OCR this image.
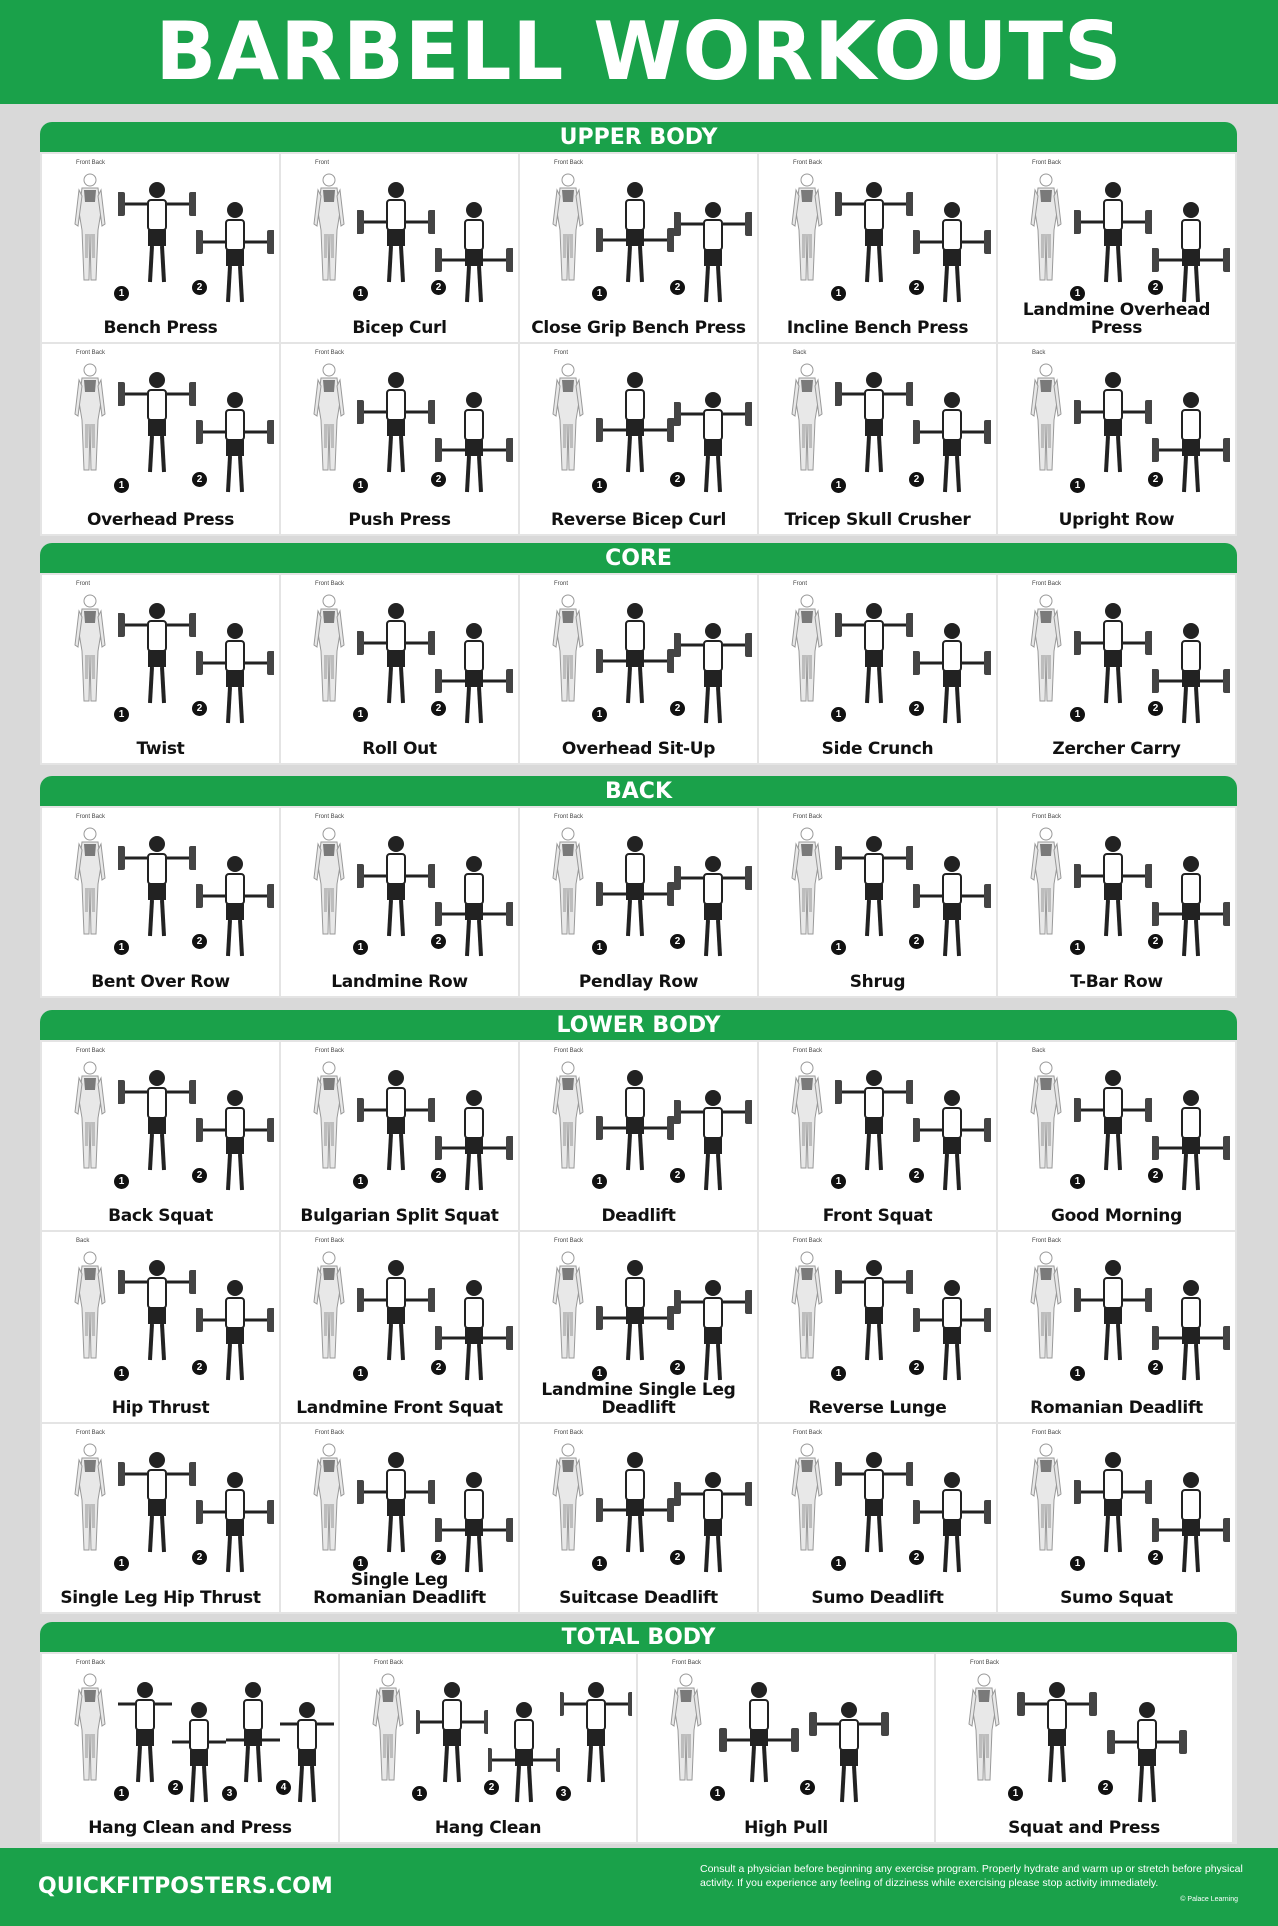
BARBELL WORKOUTS
UPPER BODY
Front Back
1
2
Bench Press
Front
1
2
Bicep Curl
Front Back
1
2
Close Grip Bench Press
Front Back
1
2
Incline Bench Press
Front Back
1
2
Landmine Overhead Press
Front Back
1
2
Overhead Press
Front Back
1
2
Push Press
Front
1
2
Reverse Bicep Curl
Back
1
2
Tricep Skull Crusher
Back
1
2
Upright Row
CORE
Front
1
2
Twist
Front Back
1
2
Roll Out
Front
1
2
Overhead Sit-Up
Front
1
2
Side Crunch
Front Back
1
2
Zercher Carry
BACK
Front Back
1
2
Bent Over Row
Front Back
1
2
Landmine Row
Front Back
1
2
Pendlay Row
Front Back
1
2
Shrug
Front Back
1
2
T-Bar Row
LOWER BODY
Front Back
1
2
Back Squat
Front Back
1
2
Bulgarian Split Squat
Front Back
1
2
Deadlift
Front Back
1
2
Front Squat
Back
1
2
Good Morning
Back
1
2
Hip Thrust
Front Back
1
2
Landmine Front Squat
Front Back
1
2
Landmine Single Leg Deadlift
Front Back
1
2
Reverse Lunge
Front Back
1
2
Romanian Deadlift
Front Back
1
2
Single Leg Hip Thrust
Front Back
1
2
Single Leg Romanian Deadlift
Front Back
1
2
Suitcase Deadlift
Front Back
1
2
Sumo Deadlift
Front Back
1
2
Sumo Squat
TOTAL BODY
Front Back
1
2
3
4
Hang Clean and Press
Front Back
1
2
3
Hang Clean
Front Back
1
2
High Pull
Front Back
1
2
Squat and Press
QUICKFITPOSTERS.COM
Consult a physician before beginning any exercise program. Properly hydrate and warm up or stretch before physical activity. If you experience any feeling of dizziness while exercising please stop activity immediately.
© Palace Learning
